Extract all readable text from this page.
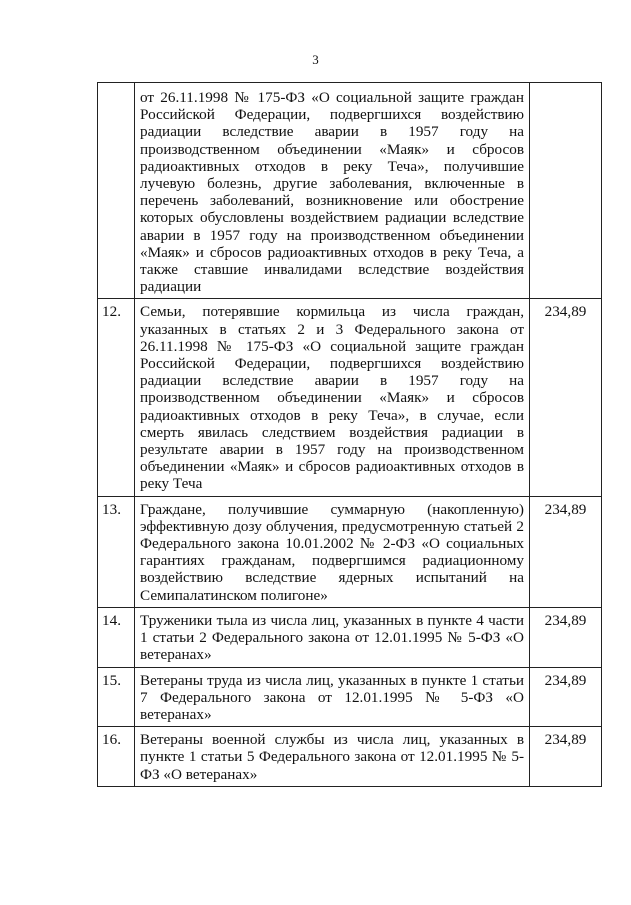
3
	от 26.11.1998 № 175-ФЗ «О социальной защите граждан Российской Федерации, подвергшихся воздействию радиации вследствие аварии в 1957 году на производственном объединении «Маяк» и сбросов радиоактивных отходов в реку Теча», получившие лучевую болезнь, другие заболевания, включенные в перечень заболеваний, возникновение или обострение которых обусловлены воздействием радиации вследствие аварии в 1957 году на производственном объединении «Маяк» и сбросов радиоактивных отходов в реку Теча, а также ставшие инвалидами вследствие воздействия радиации	
12.	Семьи, потерявшие кормильца из числа граждан, указанных в статьях 2 и 3 Федерального закона от 26.11.1998 № 175-ФЗ «О социальной защите граждан Российской Федерации, подвергшихся воздействию радиации вследствие аварии в 1957 году на производственном объединении «Маяк» и сбросов радиоактивных отходов в реку Теча», в случае, если смерть явилась следствием воздействия радиации в результате аварии в 1957 году на производственном объединении «Маяк» и сбросов радиоактивных отходов в реку Теча	234,89
13.	Граждане, получившие суммарную (накопленную) эффективную дозу облучения, предусмотренную статьей 2 Федерального закона 10.01.2002 № 2-ФЗ «О социальных гарантиях гражданам, подвергшимся радиационному воздействию вследствие ядерных испытаний на Семипалатинском полигоне»	234,89
14.	Труженики тыла из числа лиц, указанных в пункте 4 части 1 статьи 2 Федерального закона от 12.01.1995 № 5-ФЗ «О ветеранах»	234,89
15.	Ветераны труда из числа лиц, указанных в пункте 1 статьи 7 Федерального закона от 12.01.1995 № 5-ФЗ «О ветеранах»	234,89
16.	Ветераны военной службы из числа лиц, указанных в пункте 1 статьи 5 Федерального закона от 12.01.1995 № 5-ФЗ «О ветеранах»	234,89
